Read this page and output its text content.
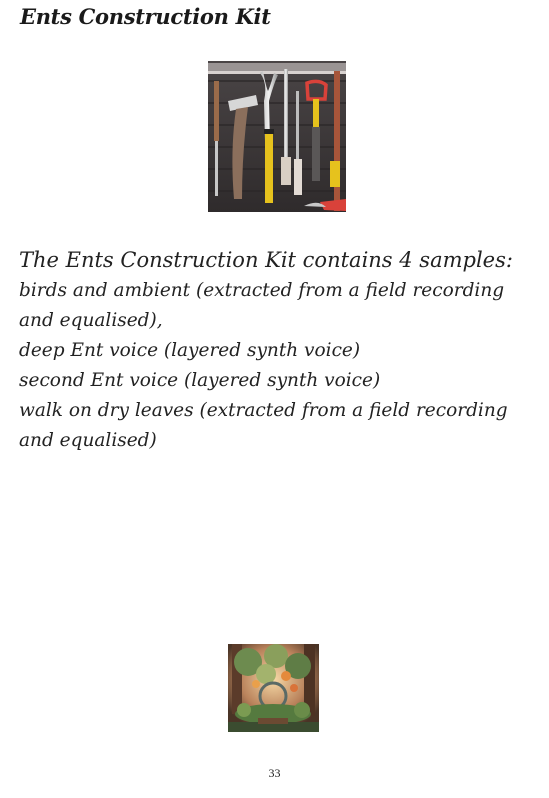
Ents Construction Kit

The Ents Construction Kit contains 4 samples:

birds and ambient (extracted from a field recording and equalised),

deep Ent voice (layered synth voice)

second Ent voice (layered synth voice)

walk on dry leaves (extracted from a field recording and equalised)

33
